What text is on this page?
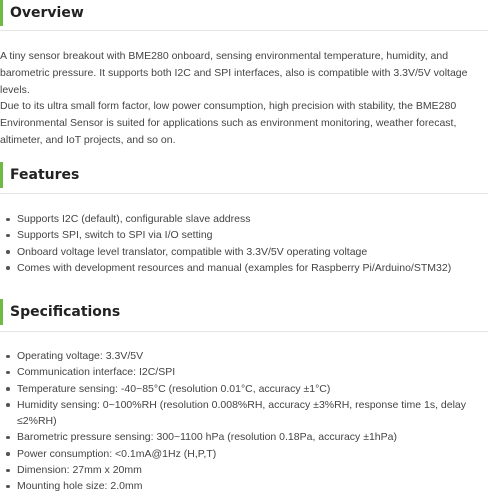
Overview

A tiny sensor breakout with BME280 onboard, sensing environmental temperature, humidity, and barometric pressure. It supports both I2C and SPI interfaces, also is compatible with 3.3V/5V voltage levels.

Due to its ultra small form factor, low power consumption, high precision with stability, the BME280 Environmental Sensor is suited for applications such as environment monitoring, weather forecast, altimeter, and IoT projects, and so on.

Features
Supports I2C (default), configurable slave address
Supports SPI, switch to SPI via I/O setting
Onboard voltage level translator, compatible with 3.3V/5V operating voltage
Comes with development resources and manual (examples for Raspberry Pi/Arduino/STM32)
Specifications
Operating voltage: 3.3V/5V
Communication interface: I2C/SPI
Temperature sensing: -40~85°C (resolution 0.01°C, accuracy ±1°C)
Humidity sensing: 0~100%RH (resolution 0.008%RH, accuracy ±3%RH, response time 1s, delay ≤2%RH)
Barometric pressure sensing: 300~1100 hPa (resolution 0.18Pa, accuracy ±1hPa)
Power consumption: <0.1mA@1Hz (H,P,T)
Dimension: 27mm x 20mm
Mounting hole size: 2.0mm
